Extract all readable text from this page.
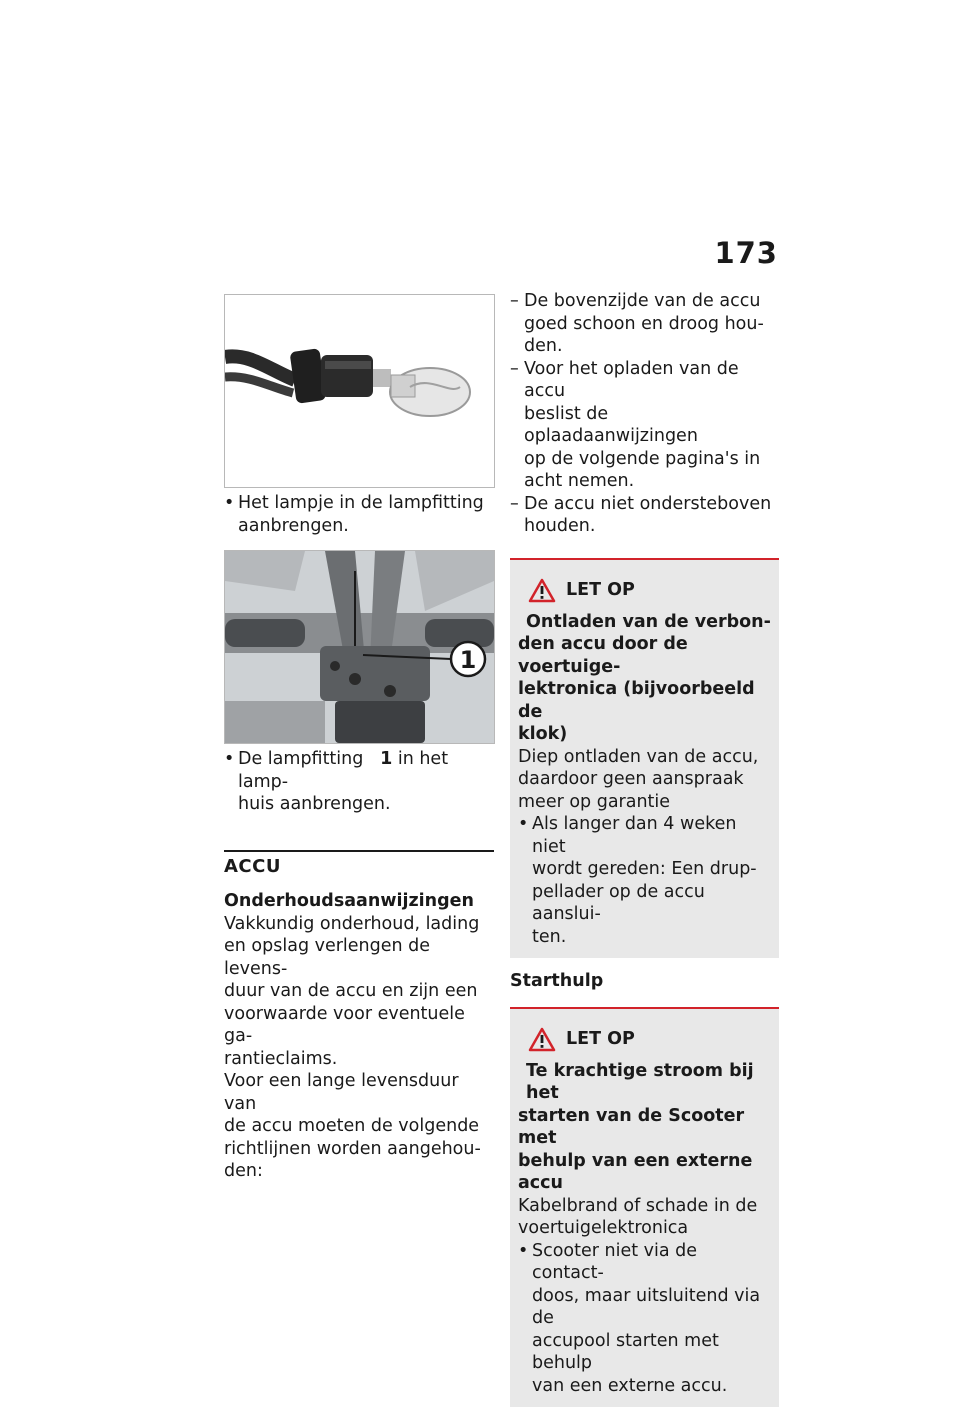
173
• Het lampje in de lampfitting
aanbrengen.
1
• De lampfitting 1 in het lamp-
huis aanbrengen.
ACCU
Onderhoudsaanwijzingen
Vakkundig onderhoud, lading
en opslag verlengen de levens-
duur van de accu en zijn een
voorwaarde voor eventuele ga-
rantieclaims.
Voor een lange levensduur van
de accu moeten de volgende
richtlijnen worden aangehou-
den:
– De bovenzijde van de accu
goed schoon en droog hou-
den.
– Voor het opladen van de accu
beslist de oplaadaanwijzingen
op de volgende pagina's in
acht nemen.
– De accu niet ondersteboven
houden.
LET OP
Ontladen van de verbon-
den accu door de voertuige-
lektronica (bijvoorbeeld de
klok)
Diep ontladen van de accu,
daardoor geen aanspraak
meer op garantie
• Als langer dan 4 weken niet
wordt gereden: Een drup-
pellader op de accu aanslui-
ten.
Starthulp
LET OP
Te krachtige stroom bij het
starten van de Scooter met
behulp van een externe accu
Kabelbrand of schade in de
voertuigelektronica
• Scooter niet via de contact-
doos, maar uitsluitend via de
accupool starten met behulp
van een externe accu.
